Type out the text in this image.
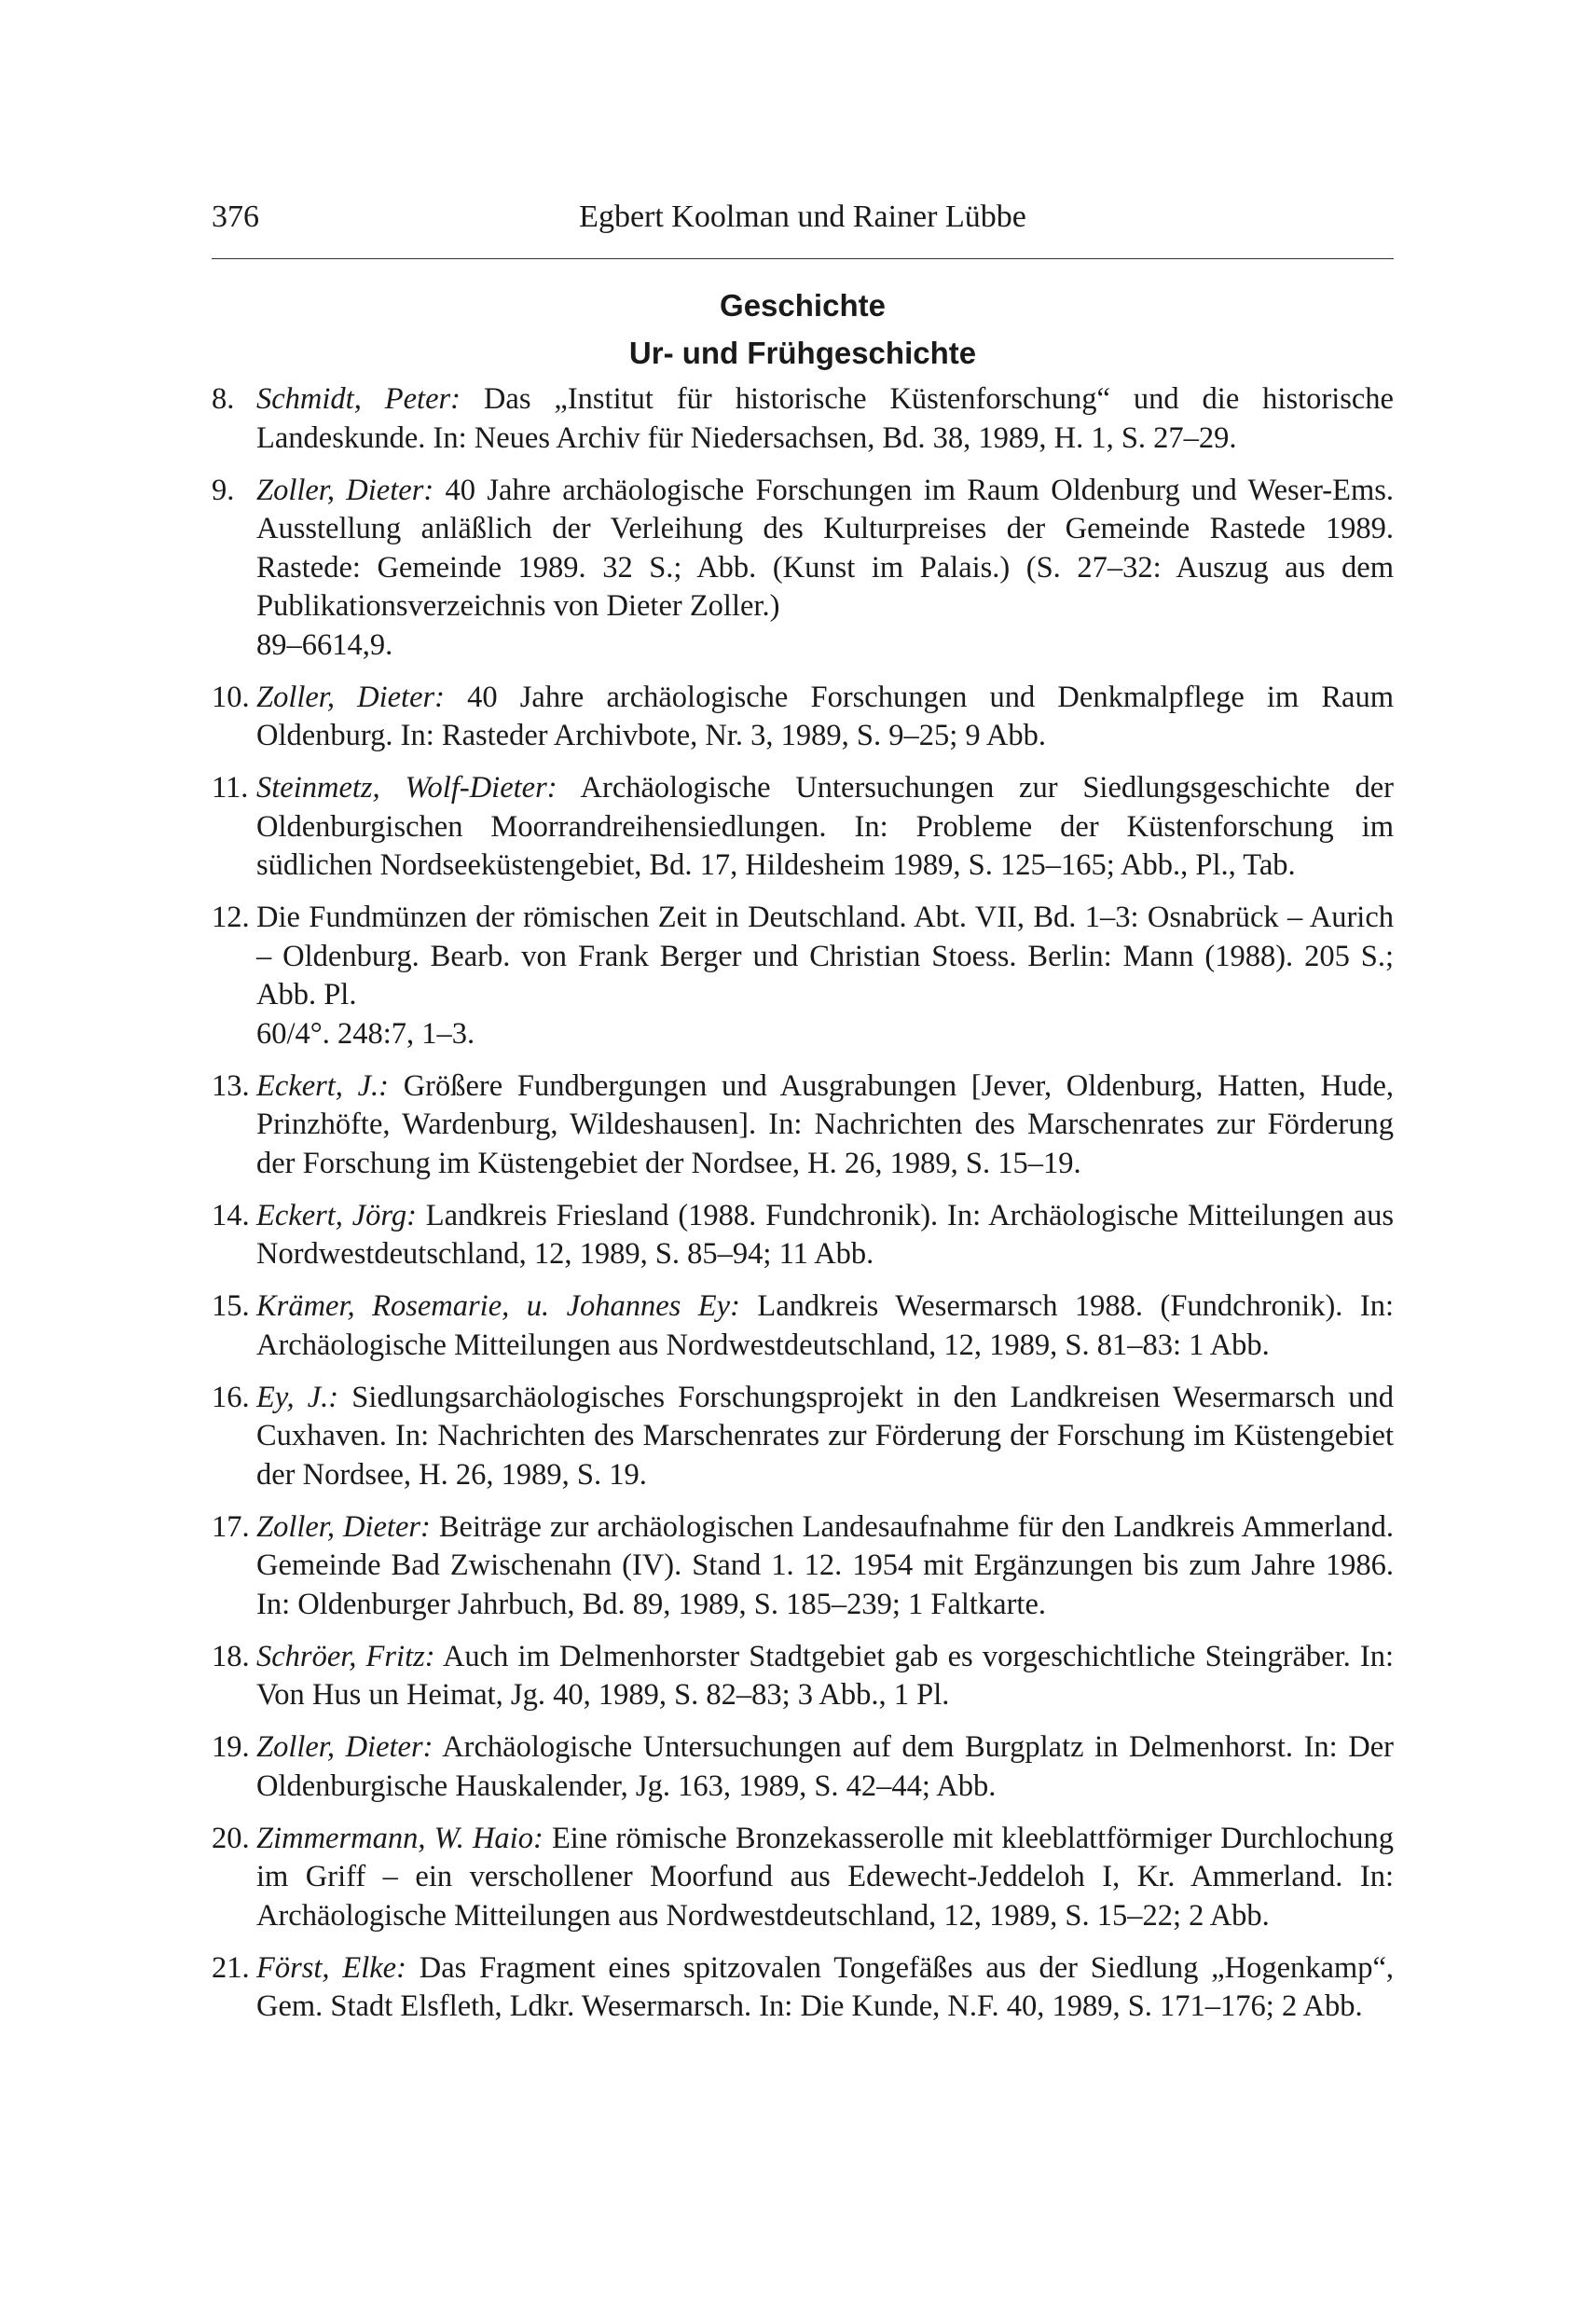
376	Egbert Koolman und Rainer Lübbe
Geschichte
Ur- und Frühgeschichte
8. Schmidt, Peter: Das „Institut für historische Küstenforschung“ und die historische Landeskunde. In: Neues Archiv für Niedersachsen, Bd. 38, 1989, H. 1, S. 27–29.
9. Zoller, Dieter: 40 Jahre archäologische Forschungen im Raum Oldenburg und Weser-Ems. Ausstellung anläßlich der Verleihung des Kulturpreises der Gemeinde Rastede 1989. Rastede: Gemeinde 1989. 32 S.; Abb. (Kunst im Palais.) (S. 27–32: Auszug aus dem Publikationsverzeichnis von Dieter Zoller.)
89–6614,9.
10. Zoller, Dieter: 40 Jahre archäologische Forschungen und Denkmalpflege im Raum Oldenburg. In: Rasteder Archivbote, Nr. 3, 1989, S. 9–25; 9 Abb.
11. Steinmetz, Wolf-Dieter: Archäologische Untersuchungen zur Siedlungsgeschichte der Oldenburgischen Moorrandreihensiedlungen. In: Probleme der Küstenforschung im südlichen Nordseeküstengebiet, Bd. 17, Hildesheim 1989, S. 125–165; Abb., Pl., Tab.
12. Die Fundmünzen der römischen Zeit in Deutschland. Abt. VII, Bd. 1–3: Osnabrück – Aurich – Oldenburg. Bearb. von Frank Berger und Christian Stoess. Berlin: Mann (1988). 205 S.; Abb. Pl.
60/4°. 248:7, 1–3.
13. Eckert, J.: Größere Fundbergungen und Ausgrabungen [Jever, Oldenburg, Hatten, Hude, Prinzhöfte, Wardenburg, Wildeshausen]. In: Nachrichten des Marschenrates zur Förderung der Forschung im Küstengebiet der Nordsee, H. 26, 1989, S. 15–19.
14. Eckert, Jörg: Landkreis Friesland (1988. Fundchronik). In: Archäologische Mitteilungen aus Nordwestdeutschland, 12, 1989, S. 85–94; 11 Abb.
15. Krämer, Rosemarie, u. Johannes Ey: Landkreis Wesermarsch 1988. (Fundchronik). In: Archäologische Mitteilungen aus Nordwestdeutschland, 12, 1989, S. 81–83: 1 Abb.
16. Ey, J.: Siedlungsarchäologisches Forschungsprojekt in den Landkreisen Wesermarsch und Cuxhaven. In: Nachrichten des Marschenrates zur Förderung der Forschung im Küstengebiet der Nordsee, H. 26, 1989, S. 19.
17. Zoller, Dieter: Beiträge zur archäologischen Landesaufnahme für den Landkreis Ammerland. Gemeinde Bad Zwischenahn (IV). Stand 1. 12. 1954 mit Ergänzungen bis zum Jahre 1986. In: Oldenburger Jahrbuch, Bd. 89, 1989, S. 185–239; 1 Faltkarte.
18. Schröer, Fritz: Auch im Delmenhorster Stadtgebiet gab es vorgeschichtliche Steingräber. In: Von Hus un Heimat, Jg. 40, 1989, S. 82–83; 3 Abb., 1 Pl.
19. Zoller, Dieter: Archäologische Untersuchungen auf dem Burgplatz in Delmenhorst. In: Der Oldenburgische Hauskalender, Jg. 163, 1989, S. 42–44; Abb.
20. Zimmermann, W. Haio: Eine römische Bronzekasserolle mit kleeblattförmiger Durchlochung im Griff – ein verschollener Moorfund aus Edewecht-Jeddeloh I, Kr. Ammerland. In: Archäologische Mitteilungen aus Nordwestdeutschland, 12, 1989, S. 15–22; 2 Abb.
21. Först, Elke: Das Fragment eines spitzovalen Tongefäßes aus der Siedlung „Hogenkamp“, Gem. Stadt Elsfleth, Ldkr. Wesermarsch. In: Die Kunde, N.F. 40, 1989, S. 171–176; 2 Abb.
